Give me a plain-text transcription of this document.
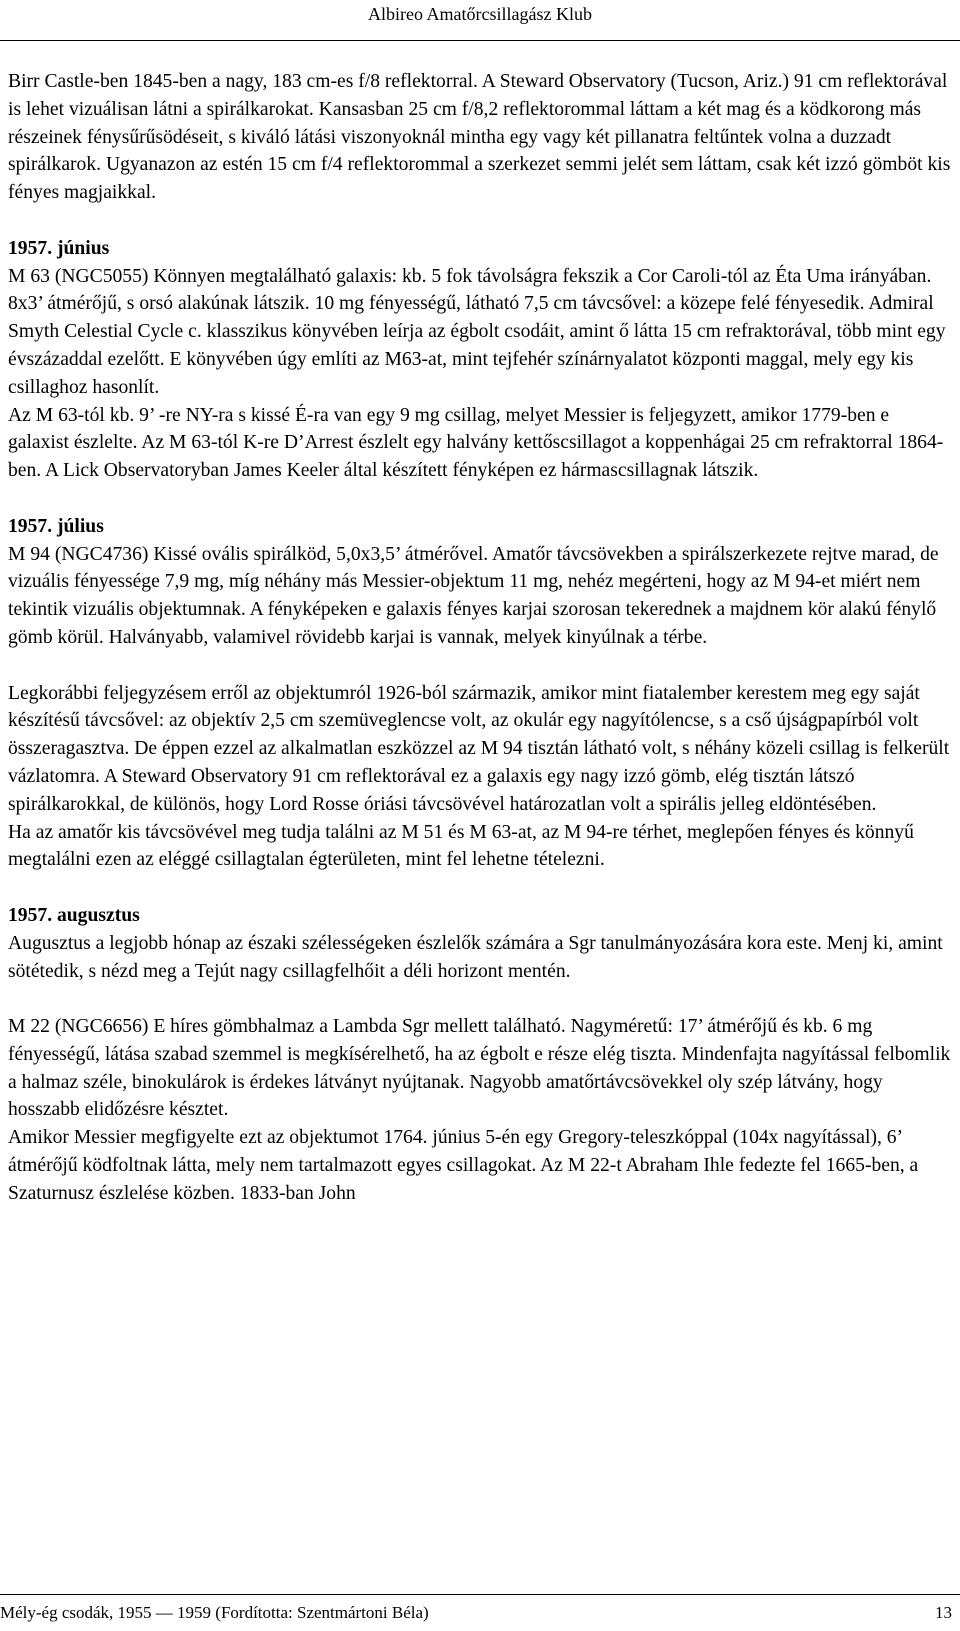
Albireo Amatőrcsillagász Klub

Birr Castle-ben 1845-ben a nagy, 183 cm-es f/8 reflektorral. A Steward Observatory (Tucson, Ariz.) 91 cm reflektorával is lehet vizuálisan látni a spirálkarokat. Kansasban 25 cm f/8,2 reflektorommal láttam a két mag és a ködkorong más részeinek fénysűrűsödéseit, s kiváló látási viszonyoknál mintha egy vagy két pillanatra feltűntek volna a duzzadt spirálkarok. Ugyanazon az estén 15 cm f/4 reflektorommal a szerkezet semmi jelét sem láttam, csak két izzó gömböt kis fényes magjaikkal.

1957. június

M 63 (NGC5055) Könnyen megtalálható galaxis: kb. 5 fok távolságra fekszik a Cor Caroli-tól az Éta Uma irányában. 8x3’ átmérőjű, s orsó alakúnak látszik. 10 mg fényességű, látható 7,5 cm távcsővel: a közepe felé fényesedik. Admiral Smyth Celestial Cycle c. klasszikus könyvében leírja az égbolt csodáit, amint ő látta 15 cm refraktorával, több mint egy évszázaddal ezelőtt. E könyvében úgy említi az M63-at, mint tejfehér színárnyalatot központi maggal, mely egy kis csillaghoz hasonlít.

Az M 63-tól kb. 9’ -re NY-ra s kissé É-ra van egy 9 mg csillag, melyet Messier is feljegyzett, amikor 1779-ben e galaxist észlelte. Az M 63-tól K-re D’Arrest észlelt egy halvány kettőscsillagot a koppenhágai 25 cm refraktorral 1864-ben. A Lick Observatoryban James Keeler által készített fényképen ez hármascsillagnak látszik.

1957. július

M 94 (NGC4736) Kissé ovális spirálköd, 5,0x3,5’ átmérővel. Amatőr távcsövekben a spirálszerkezete rejtve marad, de vizuális fényessége 7,9 mg, míg néhány más Messier-objektum 11 mg, nehéz megérteni, hogy az M 94-et miért nem tekintik vizuális objektumnak. A fényképeken e galaxis fényes karjai szorosan tekerednek a majdnem kör alakú fénylő gömb körül. Halványabb, valamivel rövidebb karjai is vannak, melyek kinyúlnak a térbe.

Legkorábbi feljegyzésem erről az objektumról 1926-ból származik, amikor mint fiatalember kerestem meg egy saját készítésű távcsővel: az objektív 2,5 cm szemüveglencse volt, az okulár egy nagyítólencse, s a cső újságpapírból volt összeragasztva. De éppen ezzel az alkalmatlan eszközzel az M 94 tisztán látható volt, s néhány közeli csillag is felkerült vázlatomra. A Steward Observatory 91 cm reflektorával ez a galaxis egy nagy izzó gömb, elég tisztán látszó spirálkarokkal, de különös, hogy Lord Rosse óriási távcsövével határozatlan volt a spirális jelleg eldöntésében.

Ha az amatőr kis távcsövével meg tudja találni az M 51 és M 63-at, az M 94-re térhet, meglepően fényes és könnyű megtalálni ezen az eléggé csillagtalan égterületen, mint fel lehetne tételezni.

1957. augusztus

Augusztus a legjobb hónap az északi szélességeken észlelők számára a Sgr tanulmányozására kora este. Menj ki, amint sötétedik, s nézd meg a Tejút nagy csillagfelhőit a déli horizont mentén.

M 22 (NGC6656) E híres gömbhalmaz a Lambda Sgr mellett található. Nagyméretű: 17’ átmérőjű és kb. 6 mg fényességű, látása szabad szemmel is megkísérelhető, ha az égbolt e része elég tiszta. Mindenfajta nagyítással felbomlik a halmaz széle, binokulárok is érdekes látványt nyújtanak. Nagyobb amatőrtávcsövekkel oly szép látvány, hogy hosszabb elidőzésre késztet.

Amikor Messier megfigyelte ezt az objektumot 1764. június 5-én egy Gregory-teleszkóppal (104x nagyítással), 6’ átmérőjű ködfoltnak látta, mely nem tartalmazott egyes csillagokat. Az M 22-t Abraham Ihle fedezte fel 1665-ben, a Szaturnusz észlelése közben. 1833-ban John

Mély-ég csodák, 1955 — 1959 (Fordította: Szentmártoni Béla)	13
